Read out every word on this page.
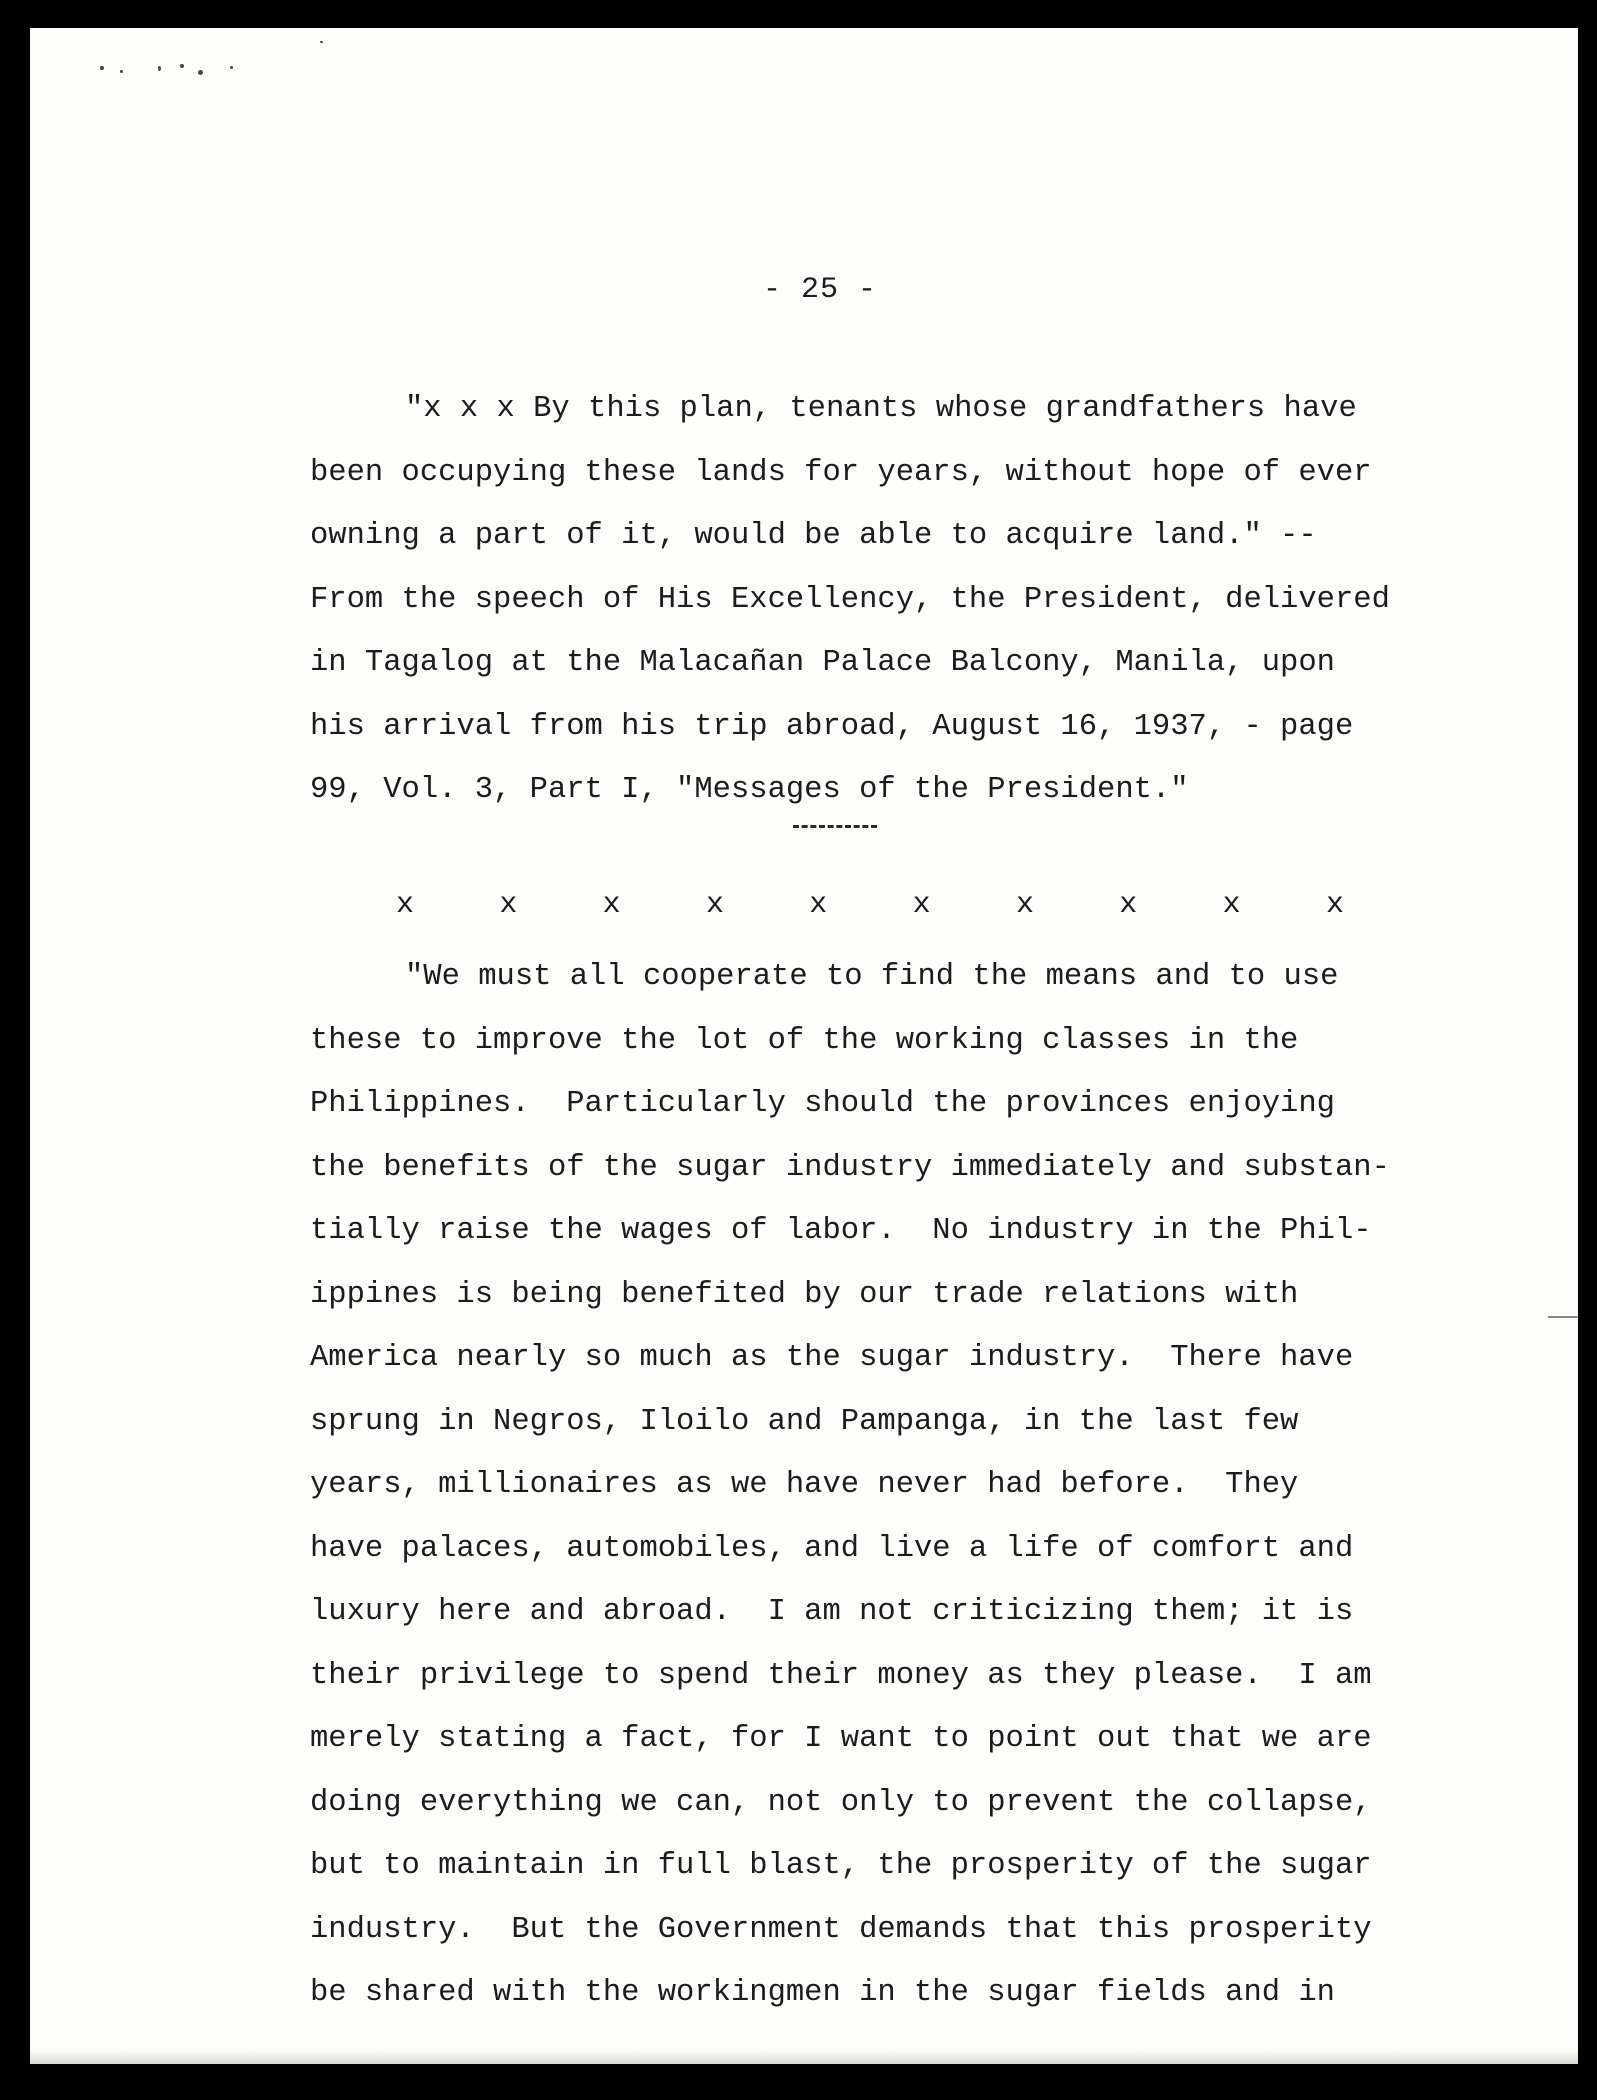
- 25 -
"x x x By this plan, tenants whose grandfathers have
been occupying these lands for years, without hope of ever
owning a part of it, would be able to acquire land." --
From the speech of His Excellency, the President, delivered
in Tagalog at the Malacañan Palace Balcony, Manila, upon
his arrival from his trip abroad, August 16, 1937, - page
99, Vol. 3, Part I, "Messages of the President."
x	x	x	x	x	x	x	x	x	x
"We must all cooperate to find the means and to use
these to improve the lot of the working classes in the
Philippines.  Particularly should the provinces enjoying
the benefits of the sugar industry immediately and substan-
tially raise the wages of labor.  No industry in the Phil-
ippines is being benefited by our trade relations with
America nearly so much as the sugar industry.  There have
sprung in Negros, Iloilo and Pampanga, in the last few
years, millionaires as we have never had before.  They
have palaces, automobiles, and live a life of comfort and
luxury here and abroad.  I am not criticizing them; it is
their privilege to spend their money as they please.  I am
merely stating a fact, for I want to point out that we are
doing everything we can, not only to prevent the collapse,
but to maintain in full blast, the prosperity of the sugar
industry.  But the Government demands that this prosperity
be shared with the workingmen in the sugar fields and in
